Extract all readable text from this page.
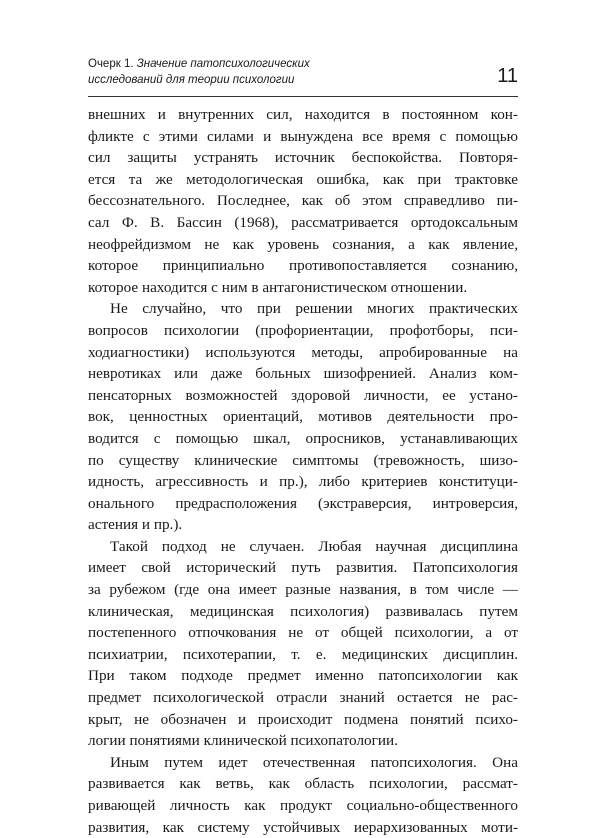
Очерк 1. Значение патопсихологических
исследований для теории психологии	11
внешних и внутренних сил, находится в постоянном кон-
фликте с этими силами и вынуждена все время с помощью
сил защиты устранять источник беспокойства. Повторя-
ется та же методологическая ошибка, как при трактовке
бессознательного. Последнее, как об этом справедливо пи-
сал Ф. В. Бассин (1968), рассматривается ортодоксальным
неофрейдизмом не как уровень сознания, а как явление,
которое принципиально противопоставляется сознанию,
которое находится с ним в антагонистическом отношении.
Не случайно, что при решении многих практических
вопросов психологии (профориентации, профотборы, пси-
ходиагностики) используются методы, апробированные на
невротиках или даже больных шизофренией. Анализ ком-
пенсаторных возможностей здоровой личности, ее устано-
вок, ценностных ориентаций, мотивов деятельности про-
водится с помощью шкал, опросников, устанавливающих
по существу клинические симптомы (тревожность, шизо-
идность, агрессивность и пр.), либо критериев конституци-
онального предрасположения (экстраверсия, интроверсия,
астения и пр.).
Такой подход не случаен. Любая научная дисциплина
имеет свой исторический путь развития. Патопсихология
за рубежом (где она имеет разные названия, в том числе —
клиническая, медицинская психология) развивалась путем
постепенного отпочкования не от общей психологии, а от
психиатрии, психотерапии, т. е. медицинских дисциплин.
При таком подходе предмет именно патопсихологии как
предмет психологической отрасли знаний остается не рас-
крыт, не обозначен и происходит подмена понятий психо-
логии понятиями клинической психопатологии.
Иным путем идет отечественная патопсихология. Она
развивается как ветвь, как область психологии, рассмат-
ривающей личность как продукт социально-общественного
развития, как систему устойчивых иерархизованных моти-
